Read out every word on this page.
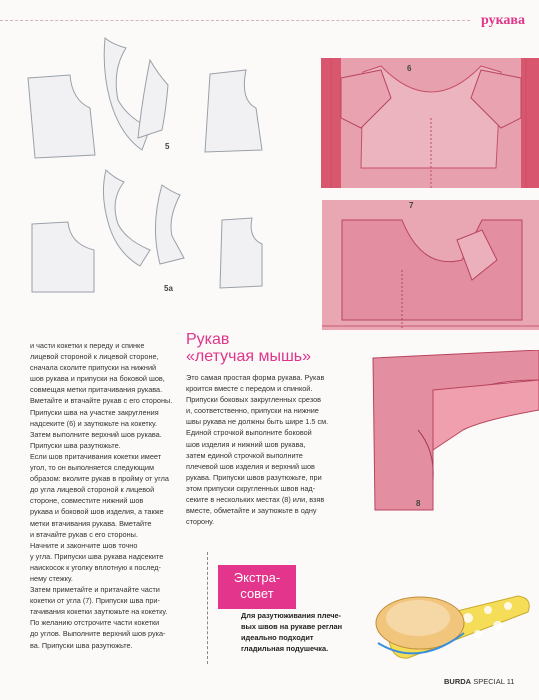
рукава
5
5a
6
7
8

и части кокетки к переду и спинке

лицевой стороной к лицевой стороне,

сначала сколите припуски на нижний

шов рукава и припуски на боковой шов,

совмещая метки притачивания рукава.

Вметайте и втачайте рукав с его стороны.

Припуски шва на участке закругления

надсеките (6) и заутюжьте на кокетку.

Затем выполните верхний шов рукава.

Припуски шва разутюжьте.

Если шов притачивания кокетки имеет

угол, то он выполняется следующим

образом: вколите рукав в пройму от угла

до угла лицевой стороной к лицевой

стороне, совместите нижний шов

рукава и боковой шов изделия, а также

метки втачивания рукава. Вметайте

и втачайте рукав с его стороны.

Начните и закончите шов точно

у угла. Припуски шва рукава надсеките

наискосок к уголку вплотную к послед-

нему стежку.

Затем приметайте и притачайте части

кокетки от угла (7). Припуски шва при-

тачивания кокетки заутюжьте на кокетку.

По желанию отстрочите части кокетки

до углов. Выполните верхний шов рука-

ва. Припуски шва разутюжьте.

Рукав
«летучая мышь»
Это самая простая форма рукава. Рукав
кроится вместе с передом и спинкой.
Припуски боковых закругленных срезов
и, соответственно, припуски на нижние
швы рукава не должны быть шире 1.5 см.
Единой строчкой выполните боковой
шов изделия и нижний шов рукава,
затем единой строчкой выполните
плечевой шов изделия и верхний шов
рукава. Припуски швов разутюжьте, при
этом припуски скругленных швов над-
секите в нескольких местах (8) или, взяв
вместе, обметайте и заутюжьте в одну
сторону.
Экстра-
совет
Для разутюживания плече-
вых швов на рукаве реглан
идеально подходит
гладильная подушечка.
BURDA SPECIAL 11
